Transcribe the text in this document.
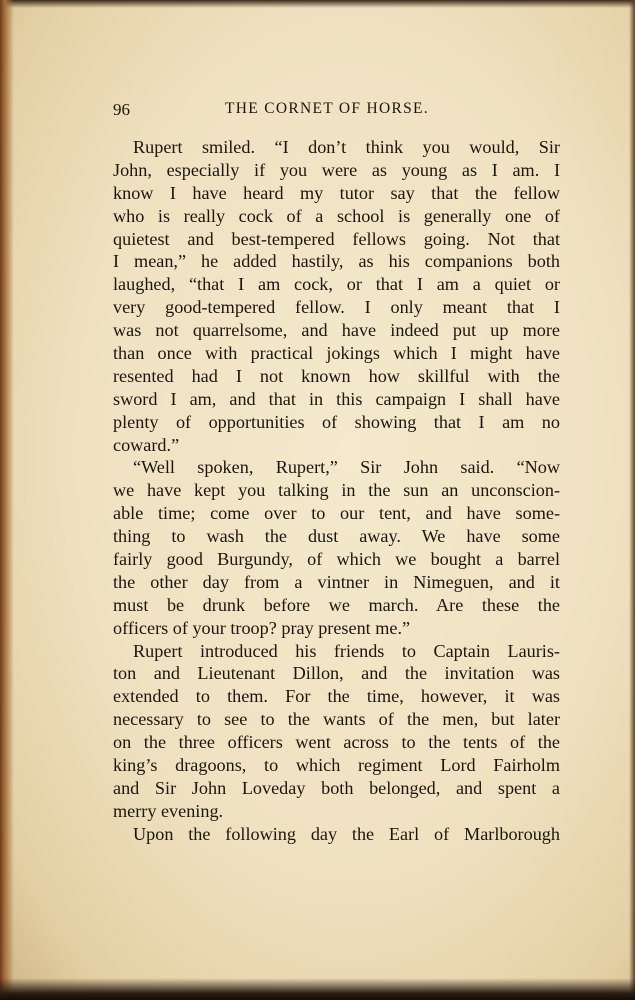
96	THE CORNET OF HORSE.
Rupert smiled. “I don’t think you would, Sir
John, especially if you were as young as I am. I
know I have heard my tutor say that the fellow
who is really cock of a school is generally one of
quietest and best-tempered fellows going. Not that
I mean,” he added hastily, as his companions both
laughed, “that I am cock, or that I am a quiet or
very good-tempered fellow. I only meant that I
was not quarrelsome, and have indeed put up more
than once with practical jokings which I might have
resented had I not known how skillful with the
sword I am, and that in this campaign I shall have
plenty of opportunities of showing that I am no
coward.”
“Well spoken, Rupert,” Sir John said. “Now
we have kept you talking in the sun an unconscion-
able time; come over to our tent, and have some-
thing to wash the dust away. We have some
fairly good Burgundy, of which we bought a barrel
the other day from a vintner in Nimeguen, and it
must be drunk before we march. Are these the
officers of your troop? pray present me.”
Rupert introduced his friends to Captain Lauris-
ton and Lieutenant Dillon, and the invitation was
extended to them. For the time, however, it was
necessary to see to the wants of the men, but later
on the three officers went across to the tents of the
king’s dragoons, to which regiment Lord Fairholm
and Sir John Loveday both belonged, and spent a
merry evening.
Upon the following day the Earl of Marlborough
